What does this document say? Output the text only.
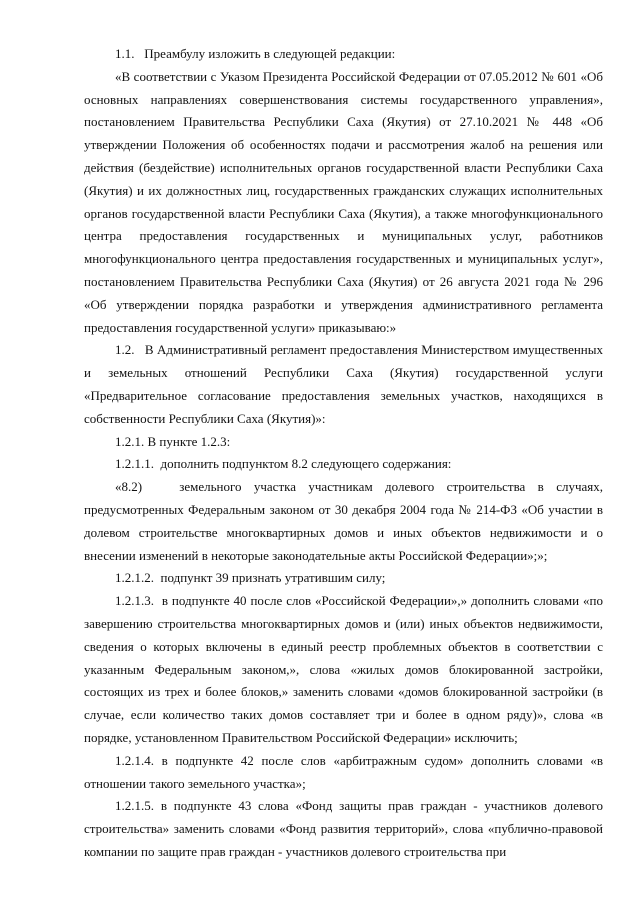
1.1.   Преамбулу изложить в следующей редакции:

«В соответствии с Указом Президента Российской Федерации от 07.05.2012 № 601 «Об основных направлениях совершенствования системы государственного управления», постановлением Правительства Республики Саха (Якутия) от 27.10.2021 № 448 «Об утверждении Положения об особенностях подачи и рассмотрения жалоб на решения или действия (бездействие) исполнительных органов государственной власти Республики Саха (Якутия) и их должностных лиц, государственных гражданских служащих исполнительных органов государственной власти Республики Саха (Якутия), а также многофункционального центра предоставления государственных и муниципальных услуг, работников многофункционального центра предоставления государственных и муниципальных услуг», постановлением Правительства Республики Саха (Якутия) от 26 августа 2021 года № 296 «Об утверждении порядка разработки и утверждения административного регламента предоставления государственной услуги» приказываю:»

1.2.   В Административный регламент предоставления Министерством имущественных и земельных отношений Республики Саха (Якутия) государственной услуги «Предварительное согласование предоставления земельных участков, находящихся в собственности Республики Саха (Якутия)»:

1.2.1. В пункте 1.2.3:

1.2.1.1.  дополнить подпунктом 8.2 следующего содержания:

«8.2)   земельного участка участникам долевого строительства в случаях, предусмотренных Федеральным законом от 30 декабря 2004 года № 214-ФЗ «Об участии в долевом строительстве многоквартирных домов и иных объектов недвижимости и о внесении изменений в некоторые законодательные акты Российской Федерации»;»;

1.2.1.2.  подпункт 39 признать утратившим силу;

1.2.1.3.  в подпункте 40 после слов «Российской Федерации»,» дополнить словами «по завершению строительства многоквартирных домов и (или) иных объектов недвижимости, сведения о которых включены в единый реестр проблемных объектов в соответствии с указанным Федеральным законом,», слова «жилых домов блокированной застройки, состоящих из трех и более блоков,» заменить словами «домов блокированной застройки (в случае, если количество таких домов составляет три и более в одном ряду)», слова «в порядке, установленном Правительством Российской Федерации» исключить;

1.2.1.4. в подпункте 42 после слов «арбитражным судом» дополнить словами «в отношении такого земельного участка»;

1.2.1.5. в подпункте 43 слова «Фонд защиты прав граждан - участников долевого строительства» заменить словами «Фонд развития территорий», слова «публично-правовой компании по защите прав граждан - участников долевого строительства при
